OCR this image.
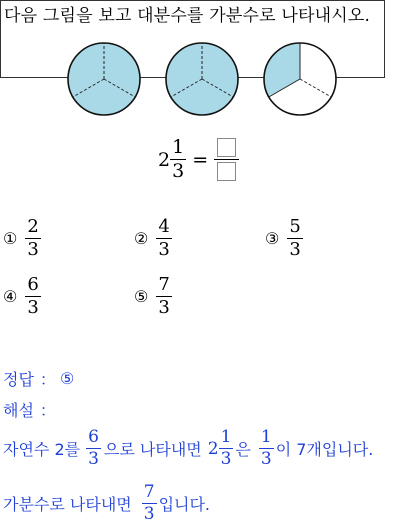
다음 그림을 보고 대분수를 가분수로 나타내시오.
$2 \frac{1}{3}$ =
① $\frac{2}{3}$	② $\frac{4}{3}$	③ $\frac{5}{3}$
④ $\frac{6}{3}$	⑤ $\frac{7}{3}$
정답 ： ⑤
해설 ：
자연수 2를 $\frac{6}{3}$ 으로 나타내면 $2 \frac{1}{3}$ 은 $\frac{1}{3}$ 이 7개입니다.
가분수로 나타내면 $\frac{7}{3}$ 입니다.
